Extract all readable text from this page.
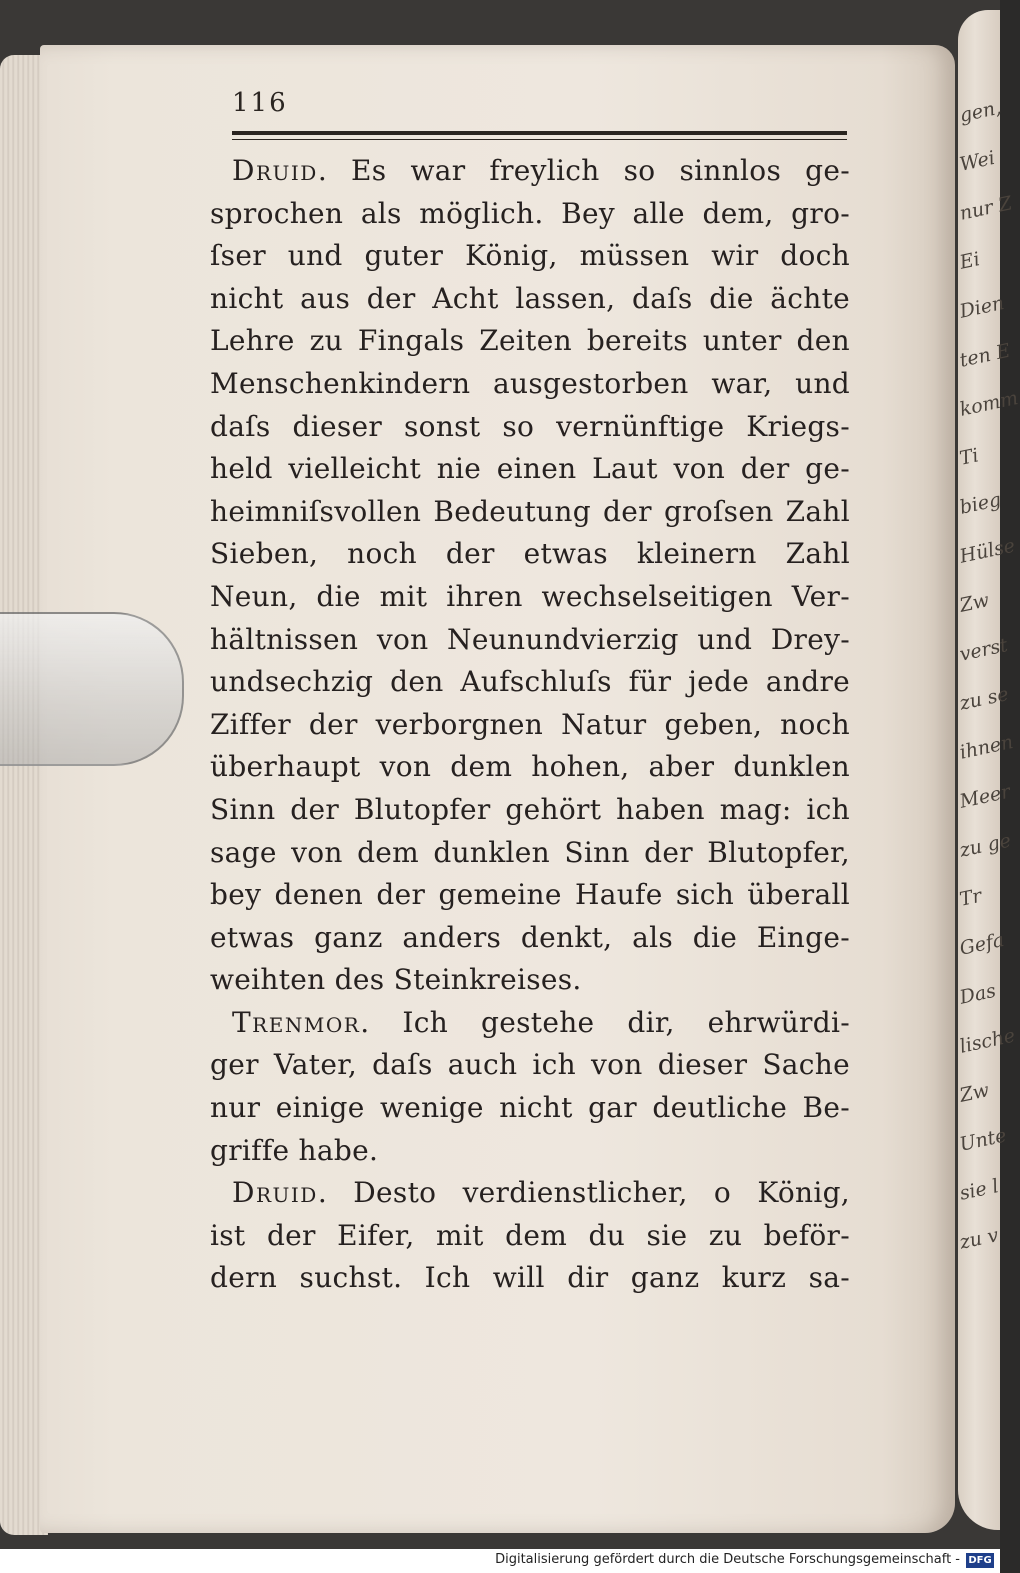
gen,
Wei
nur Z
Ei
Dien
ten E
komm
Ti
bieg
Hülse
Zw
verst
zu se
ihnen
Meer
zu ge
Tr
Gefa
Das
lische
Zw
Unte
sie l
zu v
116
Druid. Es war freylich so sinnlos ge-
sprochen als möglich. Bey alle dem, gro-
ſser und guter König, müssen wir doch
nicht aus der Acht lassen, daſs die ächte
Lehre zu Fingals Zeiten bereits unter den
Menschenkindern ausgestorben war, und
daſs dieser sonst so vernünftige Kriegs-
held vielleicht nie einen Laut von der ge-
heimniſsvollen Bedeutung der groſsen Zahl
Sieben, noch der etwas kleinern Zahl
Neun, die mit ihren wechselseitigen Ver-
hältnissen von Neunundvierzig und Drey-
undsechzig den Aufschluſs für jede andre
Ziffer der verborgnen Natur geben, noch
überhaupt von dem hohen, aber dunklen
Sinn der Blutopfer gehört haben mag: ich
sage von dem dunklen Sinn der Blutopfer,
bey denen der gemeine Haufe sich überall
etwas ganz anders denkt, als die Einge-
weihten des Steinkreises.
Trenmor. Ich gestehe dir, ehrwürdi-
ger Vater, daſs auch ich von dieser Sache
nur einige wenige nicht gar deutliche Be-
griffe habe.
Druid. Desto verdienstlicher, o König,
ist der Eifer, mit dem du sie zu beför-
dern suchst. Ich will dir ganz kurz sa-
Digitalisierung gefördert durch die Deutsche Forschungsgemeinschaft - DFG
